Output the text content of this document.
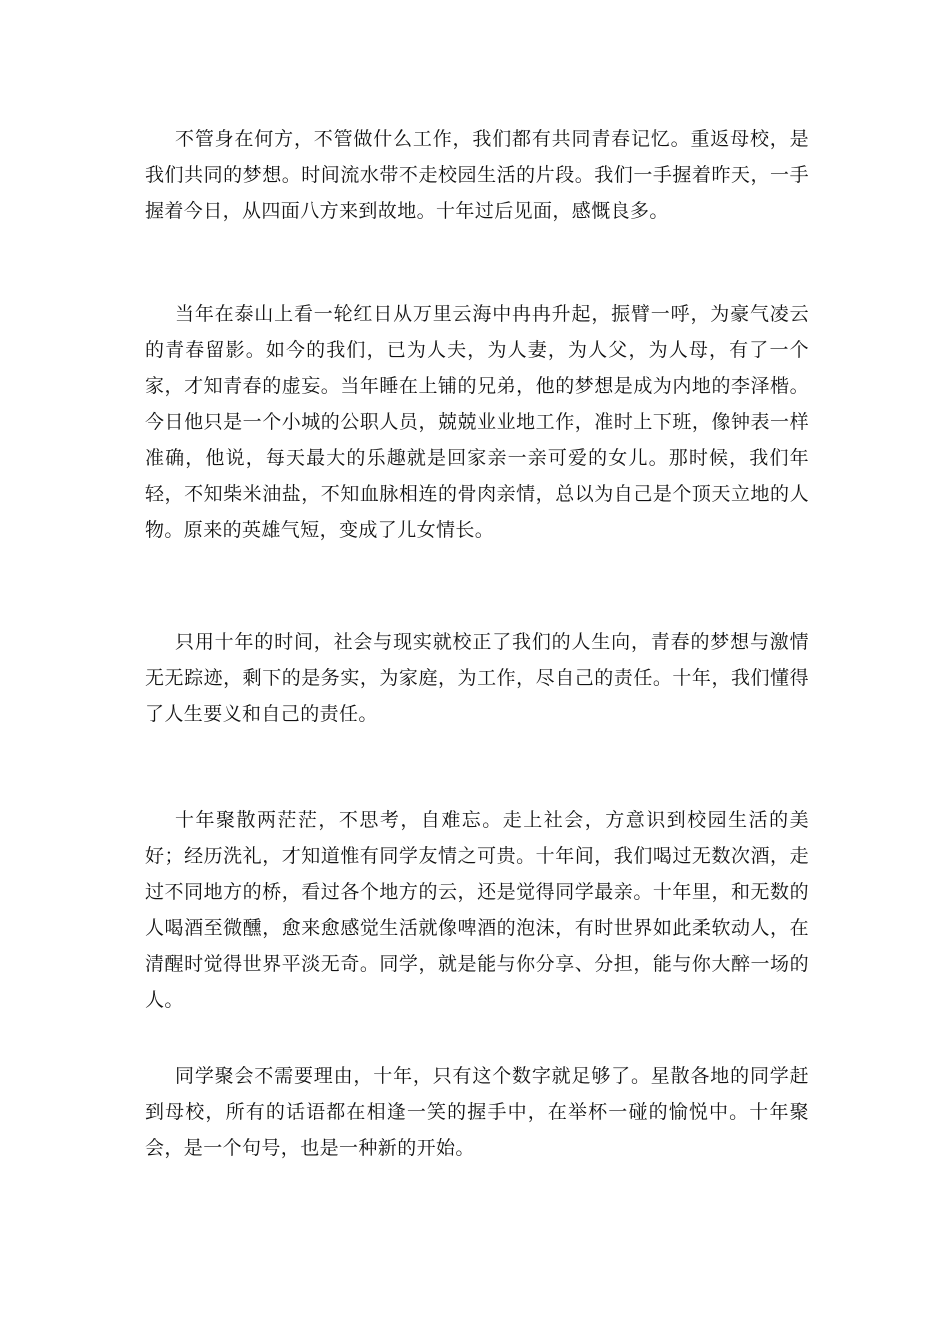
不管身在何方，不管做什么工作，我们都有共同青春记忆。重返母校，是我们共同的梦想。时间流水带不走校园生活的片段。我们一手握着昨天，一手握着今日，从四面八方来到故地。十年过后见面，感慨良多。

当年在泰山上看一轮红日从万里云海中冉冉升起，振臂一呼，为豪气凌云的青春留影。如今的我们，已为人夫，为人妻，为人父，为人母，有了一个家，才知青春的虚妄。当年睡在上铺的兄弟，他的梦想是成为内地的李泽楷。今日他只是一个小城的公职人员，兢兢业业地工作，准时上下班，像钟表一样准确，他说，每天最大的乐趣就是回家亲一亲可爱的女儿。那时候，我们年轻，不知柴米油盐，不知血脉相连的骨肉亲情，总以为自己是个顶天立地的人物。原来的英雄气短，变成了儿女情长。

只用十年的时间，社会与现实就校正了我们的人生向，青春的梦想与激情无无踪迹，剩下的是务实，为家庭，为工作，尽自己的责任。十年，我们懂得了人生要义和自己的责任。

十年聚散两茫茫，不思考，自难忘。走上社会，方意识到校园生活的美好；经历洗礼，才知道惟有同学友情之可贵。十年间，我们喝过无数次酒，走过不同地方的桥，看过各个地方的云，还是觉得同学最亲。十年里，和无数的人喝酒至微醺，愈来愈感觉生活就像啤酒的泡沫，有时世界如此柔软动人，在清醒时觉得世界平淡无奇。同学，就是能与你分享、分担，能与你大醉一场的人。

同学聚会不需要理由，十年，只有这个数字就足够了。星散各地的同学赶到母校，所有的话语都在相逢一笑的握手中，在举杯一碰的愉悦中。十年聚会，是一个句号，也是一种新的开始。
